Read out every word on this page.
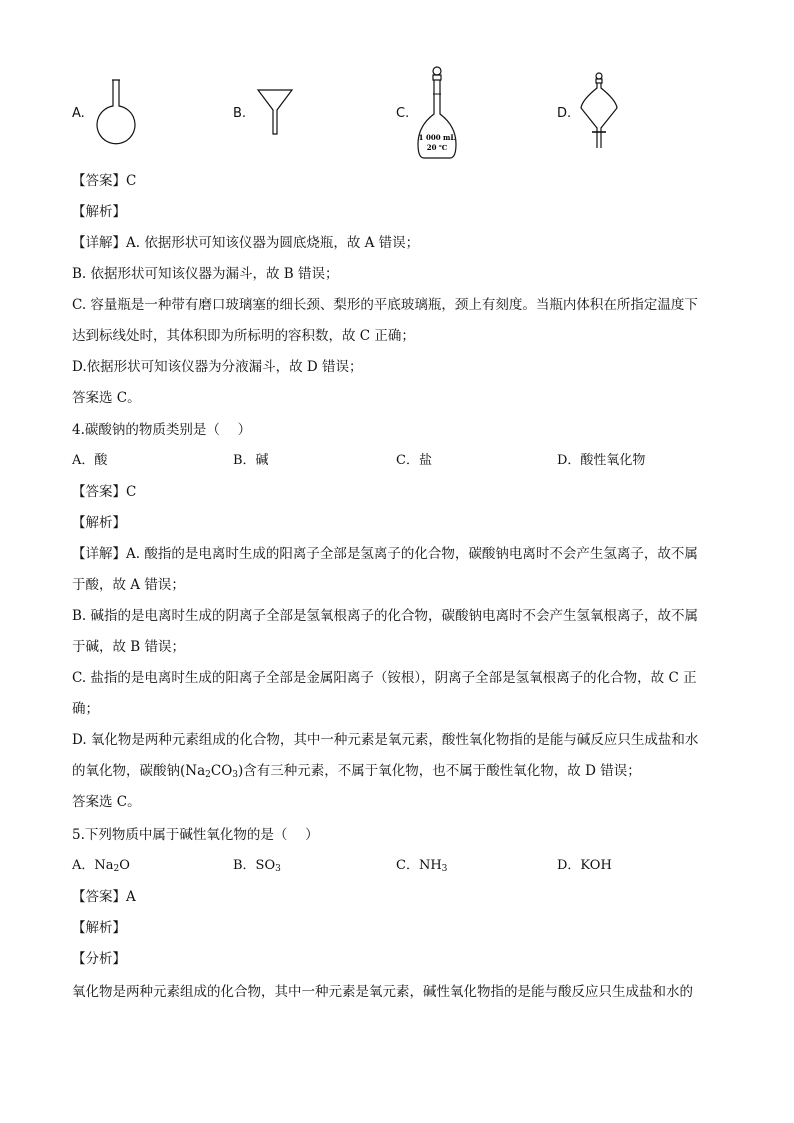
A.	B.	C.
1 000 mL
20 ℃
D.
【答案】C
【解析】
【详解】A. 依据形状可知该仪器为圆底烧瓶，故 A 错误；
B. 依据形状可知该仪器为漏斗，故 B 错误；
C. 容量瓶是一种带有磨口玻璃塞的细长颈、梨形的平底玻璃瓶，颈上有刻度。当瓶内体积在所指定温度下
达到标线处时，其体积即为所标明的容积数，故 C 正确；
D.依据形状可知该仪器为分液漏斗，故 D 错误；
答案选 C。
4.碳酸钠的物质类别是（　 ）
A．酸	B．碱	C．盐	D．酸性氧化物
【答案】C
【解析】
【详解】A. 酸指的是电离时生成的阳离子全部是氢离子的化合物，碳酸钠电离时不会产生氢离子，故不属
于酸，故 A 错误；
B. 碱指的是电离时生成的阴离子全部是氢氧根离子的化合物，碳酸钠电离时不会产生氢氧根离子，故不属
于碱，故 B 错误；
C. 盐指的是电离时生成的阳离子全部是金属阳离子（铵根），阴离子全部是氢氧根离子的化合物，故 C 正
确；
D. 氧化物是两种元素组成的化合物，其中一种元素是氧元素，酸性氧化物指的是能与碱反应只生成盐和水
的氧化物，碳酸钠$(Na_2CO_3)$含有三种元素，不属于氧化物，也不属于酸性氧化物，故 D 错误；
答案选 C。
5.下列物质中属于碱性氧化物的是（　 ）
A．$Na_2O$	B．$SO_3$	C．$NH_3$	D．KOH
【答案】A
【解析】
【分析】
氧化物是两种元素组成的化合物，其中一种元素是氧元素，碱性氧化物指的是能与酸反应只生成盐和水的
